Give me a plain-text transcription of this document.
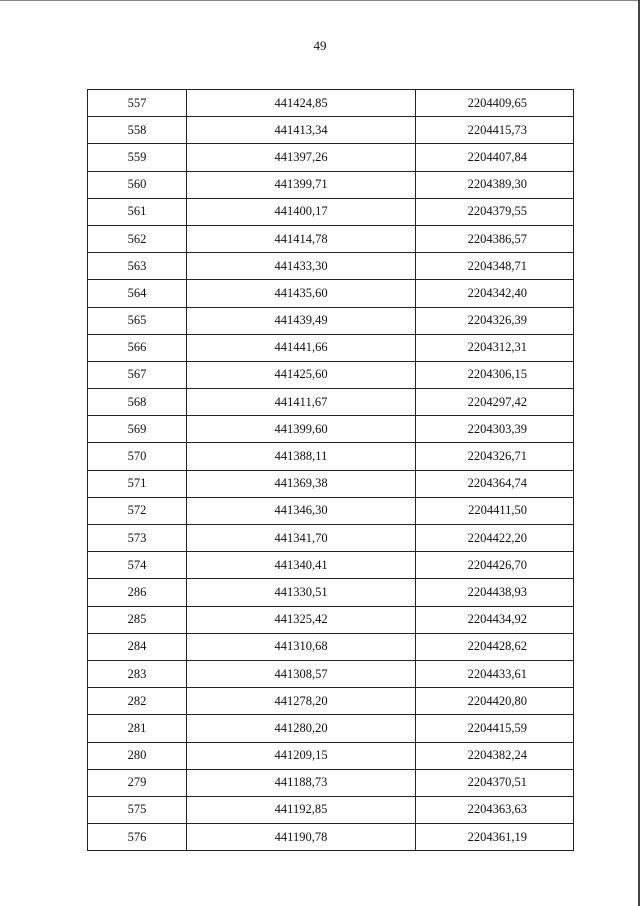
49
557	441424,85	2204409,65
558	441413,34	2204415,73
559	441397,26	2204407,84
560	441399,71	2204389,30
561	441400,17	2204379,55
562	441414,78	2204386,57
563	441433,30	2204348,71
564	441435,60	2204342,40
565	441439,49	2204326,39
566	441441,66	2204312,31
567	441425,60	2204306,15
568	441411,67	2204297,42
569	441399,60	2204303,39
570	441388,11	2204326,71
571	441369,38	2204364,74
572	441346,30	2204411,50
573	441341,70	2204422,20
574	441340,41	2204426,70
286	441330,51	2204438,93
285	441325,42	2204434,92
284	441310,68	2204428,62
283	441308,57	2204433,61
282	441278,20	2204420,80
281	441280,20	2204415,59
280	441209,15	2204382,24
279	441188,73	2204370,51
575	441192,85	2204363,63
576	441190,78	2204361,19
